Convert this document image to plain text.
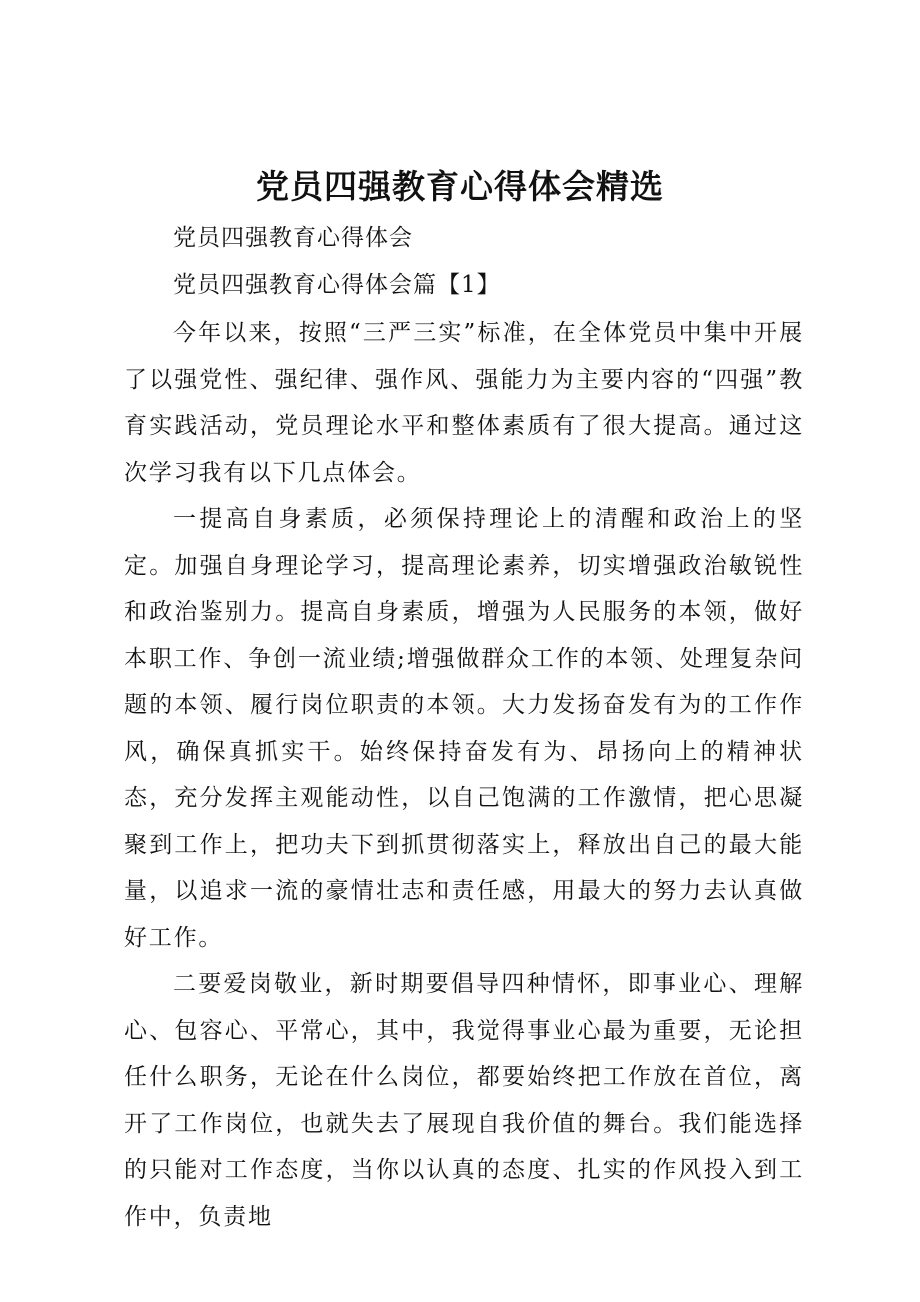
党员四强教育心得体会精选

党员四强教育心得体会

党员四强教育心得体会篇【1】

今年以来，按照“三严三实”标准，在全体党员中集中开展了以强党性、强纪律、强作风、强能力为主要内容的“四强”教育实践活动，党员理论水平和整体素质有了很大提高。通过这次学习我有以下几点体会。

一提高自身素质，必须保持理论上的清醒和政治上的坚定。加强自身理论学习，提高理论素养，切实增强政治敏锐性和政治鉴别力。提高自身素质，增强为人民服务的本领，做好本职工作、争创一流业绩;增强做群众工作的本领、处理复杂问题的本领、履行岗位职责的本领。大力发扬奋发有为的工作作风，确保真抓实干。始终保持奋发有为、昂扬向上的精神状态，充分发挥主观能动性，以自己饱满的工作激情，把心思凝聚到工作上，把功夫下到抓贯彻落实上，释放出自己的最大能量，以追求一流的豪情壮志和责任感，用最大的努力去认真做好工作。

二要爱岗敬业，新时期要倡导四种情怀，即事业心、理解心、包容心、平常心，其中，我觉得事业心最为重要，无论担任什么职务，无论在什么岗位，都要始终把工作放在首位，离开了工作岗位，也就失去了展现自我价值的舞台。我们能选择的只能对工作态度，当你以认真的态度、扎实的作风投入到工作中，负责地
